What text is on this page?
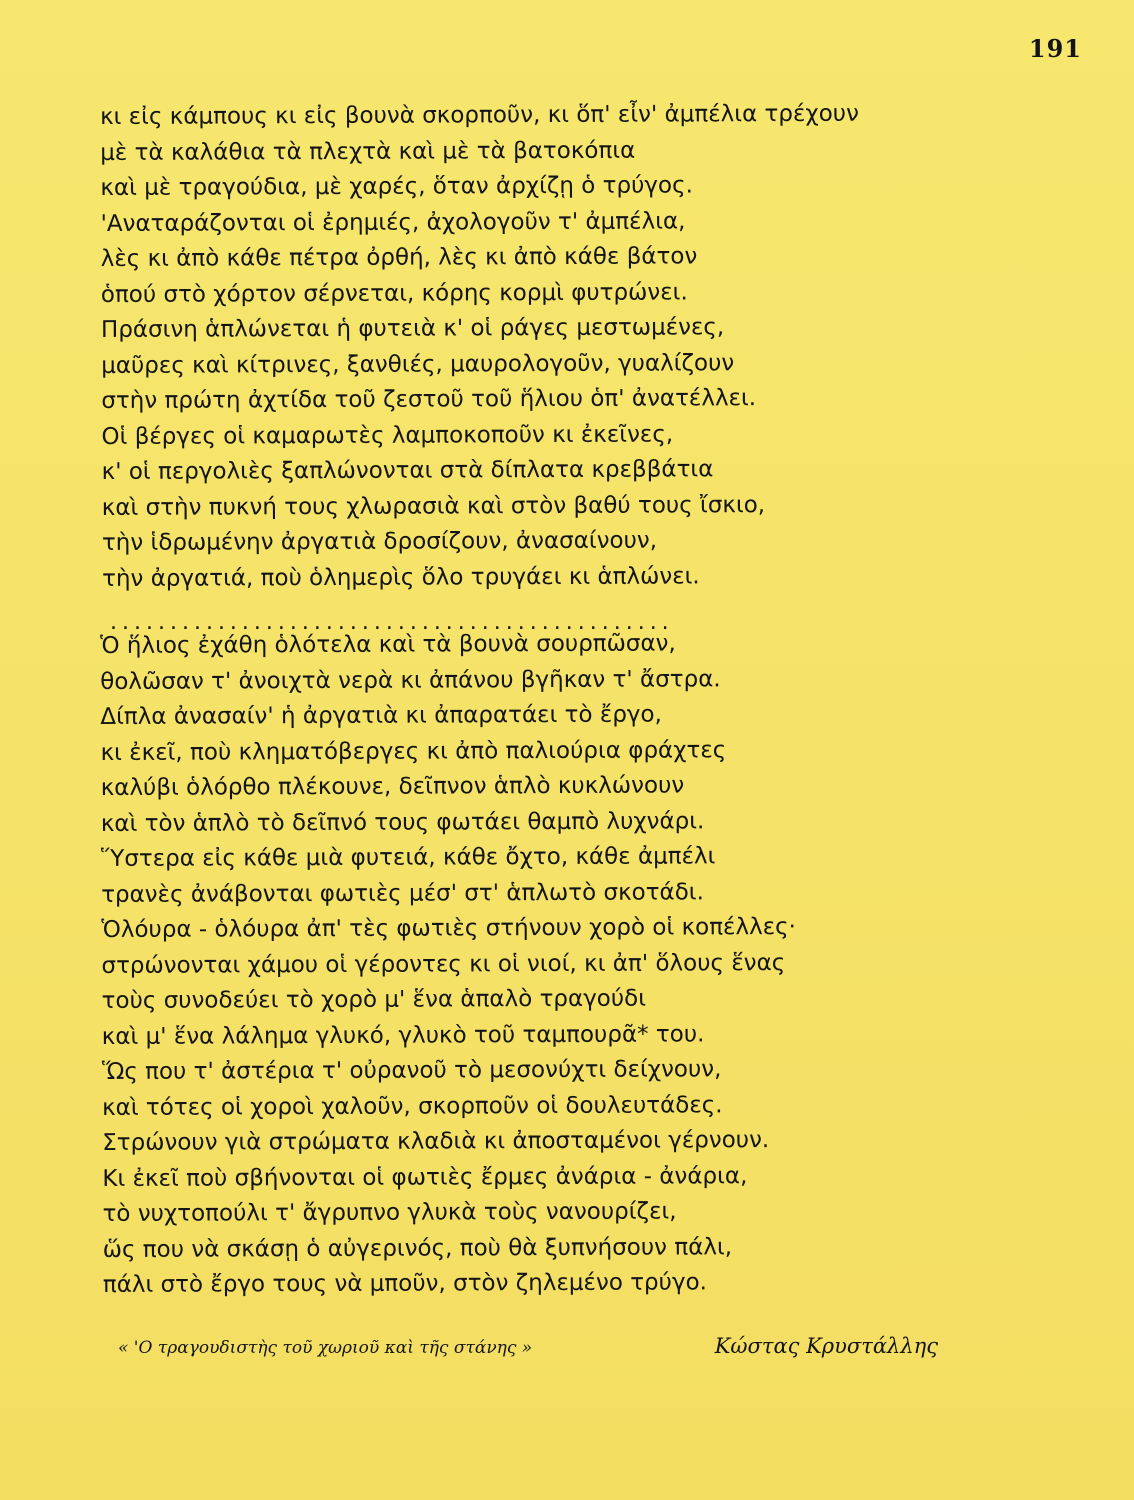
191

κι εἰς κάμπους κι εἰς βουνὰ σκορποῦν, κι ὅπ' εἶν' ἀμπέλια τρέχουν

μὲ τὰ καλάθια τὰ πλεχτὰ καὶ μὲ τὰ βατοκόπια

καὶ μὲ τραγούδια, μὲ χαρές, ὅταν ἀρχίζῃ ὁ τρύγος.

'Αναταράζονται οἱ ἐρημιές, ἀχολογοῦν τ' ἀμπέλια,

λὲς κι ἀπὸ κάθε πέτρα ὀρθή, λὲς κι ἀπὸ κάθε βάτον

ὁπού στὸ χόρτον σέρνεται, κόρης κορμὶ φυτρώνει.

Πράσινη ἁπλώνεται ἡ φυτειὰ κ' οἱ ράγες μεστωμένες,

μαῦρες καὶ κίτρινες, ξανθιές, μαυρολογοῦν, γυαλίζουν

στὴν πρώτη ἀχτίδα τοῦ ζεστοῦ τοῦ ἥλιου ὁπ' ἀνατέλλει.

Οἱ βέργες οἱ καμαρωτὲς λαμποκοποῦν κι ἐκεῖνες,

κ' οἱ περγολιὲς ξαπλώνονται στὰ δίπλατα κρεββάτια

καὶ στὴν πυκνή τους χλωρασιὰ καὶ στὸν βαθύ τους ἴσκιο,

τὴν ἱδρωμένην ἀργατιὰ δροσίζουν, ἀνασαίνουν,

τὴν ἀργατιά, ποὺ ὁλημερὶς ὅλο τρυγάει κι ἁπλώνει.

...............................................

Ὁ ἥλιος ἐχάθη ὁλότελα καὶ τὰ βουνὰ σουρπῶσαν,

θολῶσαν τ' ἀνοιχτὰ νερὰ κι ἀπάνου βγῆκαν τ' ἄστρα.

Δίπλα ἀνασαίν' ἡ ἀργατιὰ κι ἀπαρατάει τὸ ἔργο,

κι ἐκεῖ, ποὺ κληματόβεργες κι ἀπὸ παλιούρια φράχτες

καλύβι ὁλόρθο πλέκουνε, δεῖπνον ἁπλὸ κυκλώνουν

καὶ τὸν ἁπλὸ τὸ δεῖπνό τους φωτάει θαμπὸ λυχνάρι.

Ὕστερα εἰς κάθε μιὰ φυτειά, κάθε ὄχτο, κάθε ἀμπέλι

τρανὲς ἀνάβονται φωτιὲς μέσ' στ' ἁπλωτὸ σκοτάδι.

Ὁλόυρα - ὁλόυρα ἀπ' τὲς φωτιὲς στήνουν χορὸ οἱ κοπέλλες·

στρώνονται χάμου οἱ γέροντες κι οἱ νιοί, κι ἀπ' ὅλους ἕνας

τοὺς συνοδεύει τὸ χορὸ μ' ἕνα ἁπαλὸ τραγούδι

καὶ μ' ἕνα λάλημα γλυκό, γλυκὸ τοῦ ταμπουρᾶ* του.

Ὥς που τ' ἀστέρια τ' οὐρανοῦ τὸ μεσονύχτι δείχνουν,

καὶ τότες οἱ χοροὶ χαλοῦν, σκορποῦν οἱ δουλευτάδες.

Στρώνουν γιὰ στρώματα κλαδιὰ κι ἀποσταμένοι γέρνουν.

Κι ἐκεῖ ποὺ σβήνονται οἱ φωτιὲς ἔρμες ἀνάρια - ἀνάρια,

τὸ νυχτοπούλι τ' ἄγρυπνο γλυκὰ τοὺς νανουρίζει,

ὥς που νὰ σκάσῃ ὁ αὐγερινός, ποὺ θὰ ξυπνήσουν πάλι,

πάλι στὸ ἔργο τους νὰ μποῦν, στὸν ζηλεμένο τρύγο.

« 'Ο τραγουδιστὴς τοῦ χωριοῦ καὶ τῆς στάνης »	Κώστας Κρυστάλλης
